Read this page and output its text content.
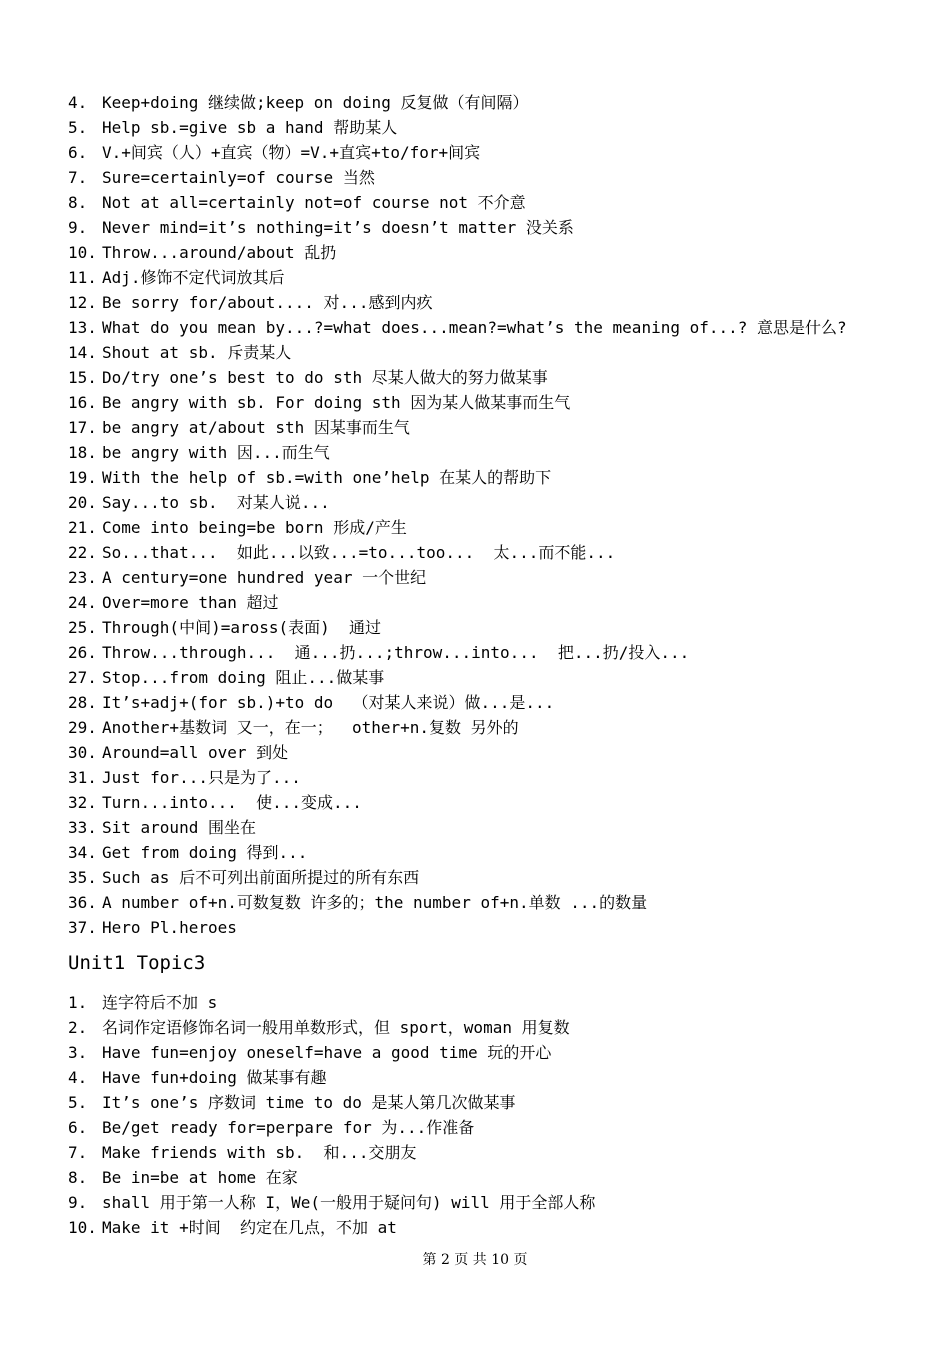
4. Keep+doing 继续做;keep on doing 反复做（有间隔）
5. Help sb.=give sb a hand 帮助某人
6. V.+间宾（人）+直宾（物）=V.+直宾+to/for+间宾
7. Sure=certainly=of course 当然
8. Not at all=certainly not=of course not 不介意
9. Never mind=it’s nothing=it’s doesn’t matter 没关系
10. Throw...around/about 乱扔
11. Adj.修饰不定代词放其后
12. Be sorry for/about.... 对...感到内疚
13. What do you mean by...?=what does...mean?=what’s the meaning of...? 意思是什么?
14. Shout at sb. 斥责某人
15. Do/try one’s best to do sth 尽某人做大的努力做某事
16. Be angry with sb. For doing sth 因为某人做某事而生气
17. be angry at/about sth 因某事而生气
18. be angry with 因...而生气
19. With the help of sb.=with one’help 在某人的帮助下
20. Say...to sb.  对某人说...
21. Come into being=be born 形成/产生
22. So...that...  如此...以致...=to...too...  太...而不能...
23. A century=one hundred year 一个世纪
24. Over=more than 超过
25. Through(中间)=aross(表面)  通过
26. Throw...through...  通...扔...;throw...into...  把...扔/投入...
27. Stop...from doing 阻止...做某事
28. It’s+adj+(for sb.)+to do  （对某人来说）做...是...
29. Another+基数词 又一，在一；  other+n.复数 另外的
30. Around=all over 到处
31. Just for...只是为了...
32. Turn...into...  使...变成...
33. Sit around 围坐在
34. Get from doing 得到...
35. Such as 后不可列出前面所提过的所有东西
36. A number of+n.可数复数 许多的；the number of+n.单数 ...的数量
37. Hero Pl.heroes
Unit1 Topic3
1. 连字符后不加 s
2. 名词作定语修饰名词一般用单数形式，但 sport，woman 用复数
3. Have fun=enjoy oneself=have a good time 玩的开心
4. Have fun+doing 做某事有趣
5. It’s one’s 序数词 time to do 是某人第几次做某事
6. Be/get ready for=perpare for 为...作准备
7. Make friends with sb.  和...交朋友
8. Be in=be at home 在家
9. shall 用于第一人称 I，We(一般用于疑问句) will 用于全部人称
10. Make it +时间  约定在几点，不加 at
第 2 页 共 10 页
